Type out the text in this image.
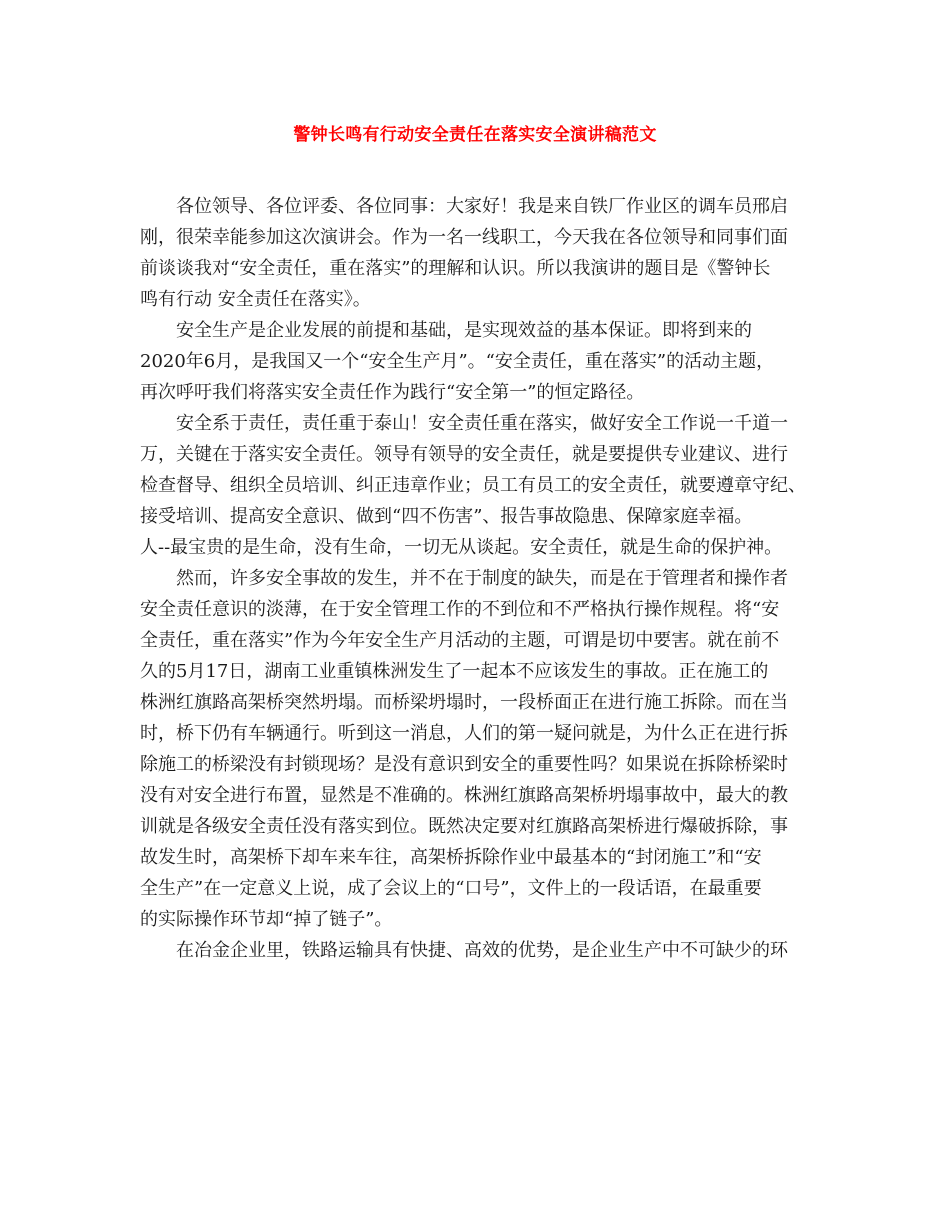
警钟长鸣有行动安全责任在落实安全演讲稿范文
各位领导、各位评委、各位同事：大家好！我是来自铁厂作业区的调车员邢启
刚，很荣幸能参加这次演讲会。作为一名一线职工，今天我在各位领导和同事们面
前谈谈我对“安全责任，重在落实”的理解和认识。所以我演讲的题目是《警钟长
鸣有行动 安全责任在落实》。
安全生产是企业发展的前提和基础，是实现效益的基本保证。即将到来的
2020年6月，是我国又一个“安全生产月”。“安全责任，重在落实”的活动主题，
再次呼吁我们将落实安全责任作为践行“安全第一”的恒定路径。
安全系于责任，责任重于泰山！安全责任重在落实，做好安全工作说一千道一
万，关键在于落实安全责任。领导有领导的安全责任，就是要提供专业建议、进行
检查督导、组织全员培训、纠正违章作业；员工有员工的安全责任，就要遵章守纪、
接受培训、提高安全意识、做到“四不伤害”、报告事故隐患、保障家庭幸福。
人--最宝贵的是生命，没有生命，一切无从谈起。安全责任，就是生命的保护神。
然而，许多安全事故的发生，并不在于制度的缺失，而是在于管理者和操作者
安全责任意识的淡薄，在于安全管理工作的不到位和不严格执行操作规程。将“安
全责任，重在落实”作为今年安全生产月活动的主题，可谓是切中要害。就在前不
久的5月17日，湖南工业重镇株洲发生了一起本不应该发生的事故。正在施工的
株洲红旗路高架桥突然坍塌。而桥梁坍塌时，一段桥面正在进行施工拆除。而在当
时，桥下仍有车辆通行。听到这一消息，人们的第一疑问就是，为什么正在进行拆
除施工的桥梁没有封锁现场？是没有意识到安全的重要性吗？如果说在拆除桥梁时
没有对安全进行布置，显然是不准确的。株洲红旗路高架桥坍塌事故中，最大的教
训就是各级安全责任没有落实到位。既然决定要对红旗路高架桥进行爆破拆除，事
故发生时，高架桥下却车来车往，高架桥拆除作业中最基本的“封闭施工”和“安
全生产”在一定意义上说，成了会议上的“口号”，文件上的一段话语，在最重要
的实际操作环节却“掉了链子”。
在冶金企业里，铁路运输具有快捷、高效的优势，是企业生产中不可缺少的环
